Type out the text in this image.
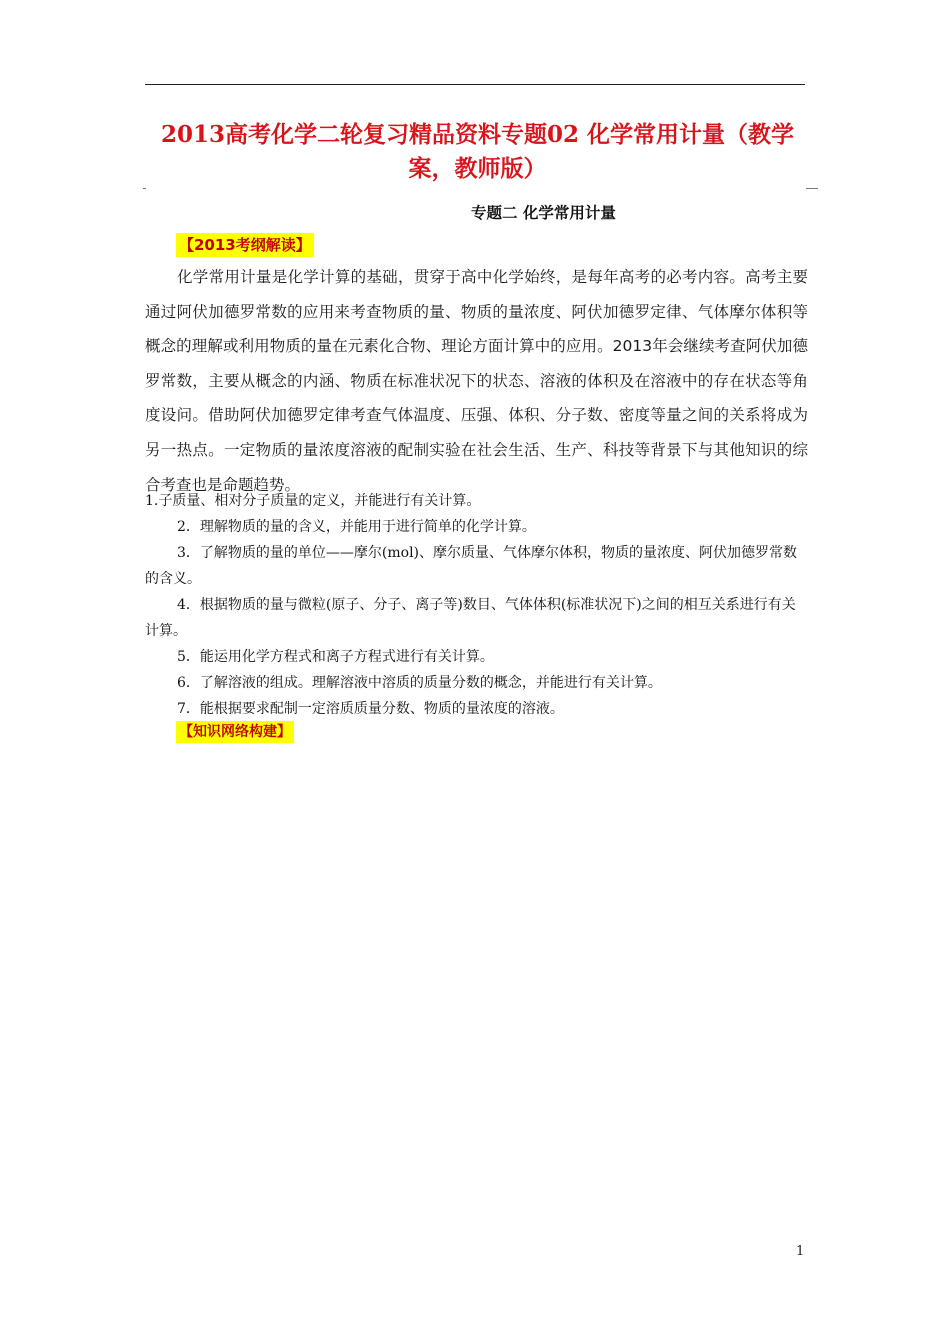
2013高考化学二轮复习精品资料专题02 化学常用计量（教学案，教师版）
专题二 化学常用计量
【2013考纲解读】

化学常用计量是化学计算的基础，贯穿于高中化学始终，是每年高考的必考内容。高考主要通过阿伏加德罗常数的应用来考查物质的量、物质的量浓度、阿伏加德罗定律、气体摩尔体积等概念的理解或利用物质的量在元素化合物、理论方面计算中的应用。2013年会继续考查阿伏加德罗常数，主要从概念的内涵、物质在标准状况下的状态、溶液的体积及在溶液中的存在状态等角度设问。借助阿伏加德罗定律考查气体温度、压强、体积、分子数、密度等量之间的关系将成为另一热点。一定物质的量浓度溶液的配制实验在社会生活、生产、科技等背景下与其他知识的综合考查也是命题趋势。

1.子质量、相对分子质量的定义，并能进行有关计算。

2．理解物质的量的含义，并能用于进行简单的化学计算。

3．了解物质的量的单位——摩尔(mol)、摩尔质量、气体摩尔体积，物质的量浓度、阿伏加德罗常数的含义。

4．根据物质的量与微粒(原子、分子、离子等)数目、气体体积(标准状况下)之间的相互关系进行有关计算。

5．能运用化学方程式和离子方程式进行有关计算。

6．了解溶液的组成。理解溶液中溶质的质量分数的概念，并能进行有关计算。

7．能根据要求配制一定溶质质量分数、物质的量浓度的溶液。

【知识网络构建】
1
